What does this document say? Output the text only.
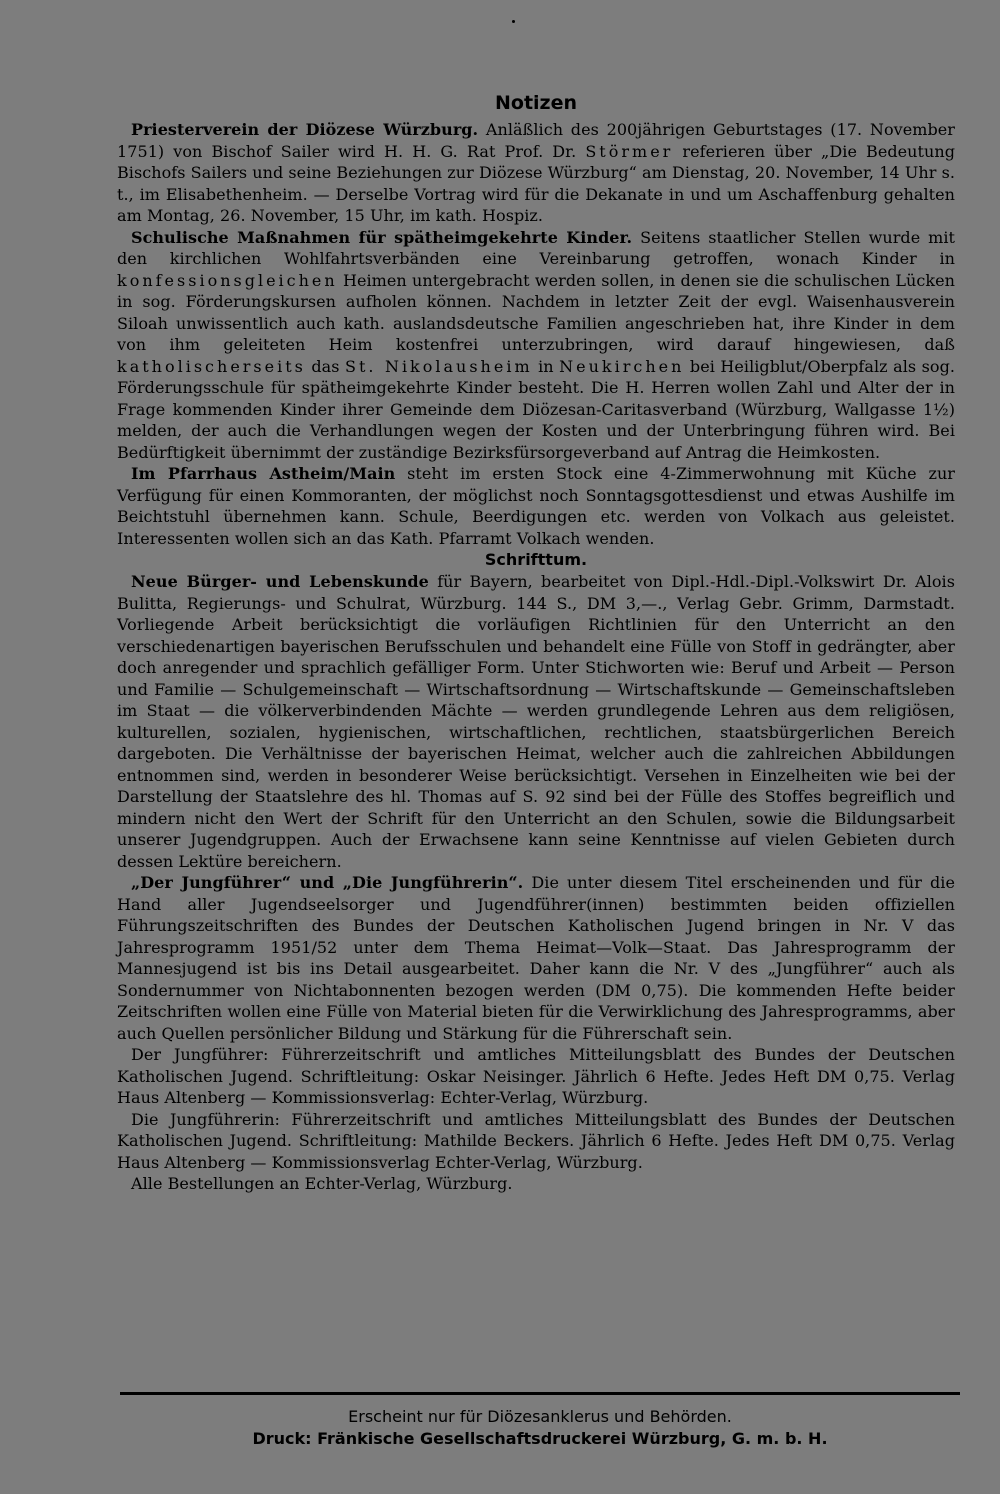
Notizen

Priesterverein der Diözese Würzburg. Anläßlich des 200jährigen Geburtstages (17. November 1751) von Bischof Sailer wird H. H. G. Rat Prof. Dr. Störmer referieren über „Die Bedeutung Bischofs Sailers und seine Beziehungen zur Diözese Würzburg“ am Dienstag, 20. November, 14 Uhr s. t., im Elisabethenheim. — Derselbe Vortrag wird für die Dekanate in und um Aschaffenburg gehalten am Montag, 26. November, 15 Uhr, im kath. Hospiz.

Schulische Maßnahmen für spätheimgekehrte Kinder. Seitens staatlicher Stellen wurde mit den kirchlichen Wohlfahrtsverbänden eine Vereinbarung getroffen, wonach Kinder in konfessionsgleichen Heimen untergebracht werden sollen, in denen sie die schulischen Lücken in sog. Förderungskursen aufholen können. Nachdem in letzter Zeit der evgl. Waisenhausverein Siloah unwissentlich auch kath. auslandsdeutsche Familien angeschrieben hat, ihre Kinder in dem von ihm geleiteten Heim kostenfrei unterzubringen, wird darauf hingewiesen, daß katholischerseits das St. Nikolausheim in Neukirchen bei Heiligblut/Oberpfalz als sog. Förderungsschule für spätheimgekehrte Kinder besteht. Die H. Herren wollen Zahl und Alter der in Frage kommenden Kinder ihrer Gemeinde dem Diözesan-Caritasverband (Würzburg, Wallgasse 1½) melden, der auch die Verhandlungen wegen der Kosten und der Unterbringung führen wird. Bei Bedürftigkeit übernimmt der zuständige Bezirksfürsorgeverband auf Antrag die Heimkosten.

Im Pfarrhaus Astheim/Main steht im ersten Stock eine 4-Zimmerwohnung mit Küche zur Verfügung für einen Kommoranten, der möglichst noch Sonntagsgottesdienst und etwas Aushilfe im Beichtstuhl übernehmen kann. Schule, Beerdigungen etc. werden von Volkach aus geleistet. Interessenten wollen sich an das Kath. Pfarramt Volkach wenden.

Schrifttum.

Neue Bürger- und Lebenskunde für Bayern, bearbeitet von Dipl.-Hdl.-Dipl.-Volkswirt Dr. Alois Bulitta, Regierungs- und Schulrat, Würzburg. 144 S., DM 3,—., Verlag Gebr. Grimm, Darmstadt. Vorliegende Arbeit berücksichtigt die vorläufigen Richtlinien für den Unterricht an den verschiedenartigen bayerischen Berufsschulen und behandelt eine Fülle von Stoff in gedrängter, aber doch anregender und sprachlich gefälliger Form. Unter Stichworten wie: Beruf und Arbeit — Person und Familie — Schulgemeinschaft — Wirtschaftsordnung — Wirtschaftskunde — Gemeinschaftsleben im Staat — die völkerverbindenden Mächte — werden grundlegende Lehren aus dem religiösen, kulturellen, sozialen, hygienischen, wirtschaftlichen, rechtlichen, staatsbürgerlichen Bereich dargeboten. Die Verhältnisse der bayerischen Heimat, welcher auch die zahlreichen Abbildungen entnommen sind, werden in besonderer Weise berücksichtigt. Versehen in Einzelheiten wie bei der Darstellung der Staatslehre des hl. Thomas auf S. 92 sind bei der Fülle des Stoffes begreiflich und mindern nicht den Wert der Schrift für den Unterricht an den Schulen, sowie die Bildungsarbeit unserer Jugendgruppen. Auch der Erwachsene kann seine Kenntnisse auf vielen Gebieten durch dessen Lektüre bereichern.

„Der Jungführer“ und „Die Jungführerin“. Die unter diesem Titel erscheinenden und für die Hand aller Jugendseelsorger und Jugendführer(innen) bestimmten beiden offiziellen Führungszeitschriften des Bundes der Deutschen Katholischen Jugend bringen in Nr. V das Jahresprogramm 1951/52 unter dem Thema Heimat—Volk—Staat. Das Jahresprogramm der Mannesjugend ist bis ins Detail ausgearbeitet. Daher kann die Nr. V des „Jungführer“ auch als Sondernummer von Nichtabonnenten bezogen werden (DM 0,75). Die kommenden Hefte beider Zeitschriften wollen eine Fülle von Material bieten für die Verwirklichung des Jahresprogramms, aber auch Quellen persönlicher Bildung und Stärkung für die Führerschaft sein.

Der Jungführer: Führerzeitschrift und amtliches Mitteilungsblatt des Bundes der Deutschen Katholischen Jugend. Schriftleitung: Oskar Neisinger. Jährlich 6 Hefte. Jedes Heft DM 0,75. Verlag Haus Altenberg — Kommissionsverlag: Echter-Verlag, Würzburg.

Die Jungführerin: Führerzeitschrift und amtliches Mitteilungsblatt des Bundes der Deutschen Katholischen Jugend. Schriftleitung: Mathilde Beckers. Jährlich 6 Hefte. Jedes Heft DM 0,75. Verlag Haus Altenberg — Kommissionsverlag Echter-Verlag, Würzburg.

Alle Bestellungen an Echter-Verlag, Würzburg.

Erscheint nur für Diözesanklerus und Behörden.
Druck: Fränkische Gesellschaftsdruckerei Würzburg, G. m. b. H.
